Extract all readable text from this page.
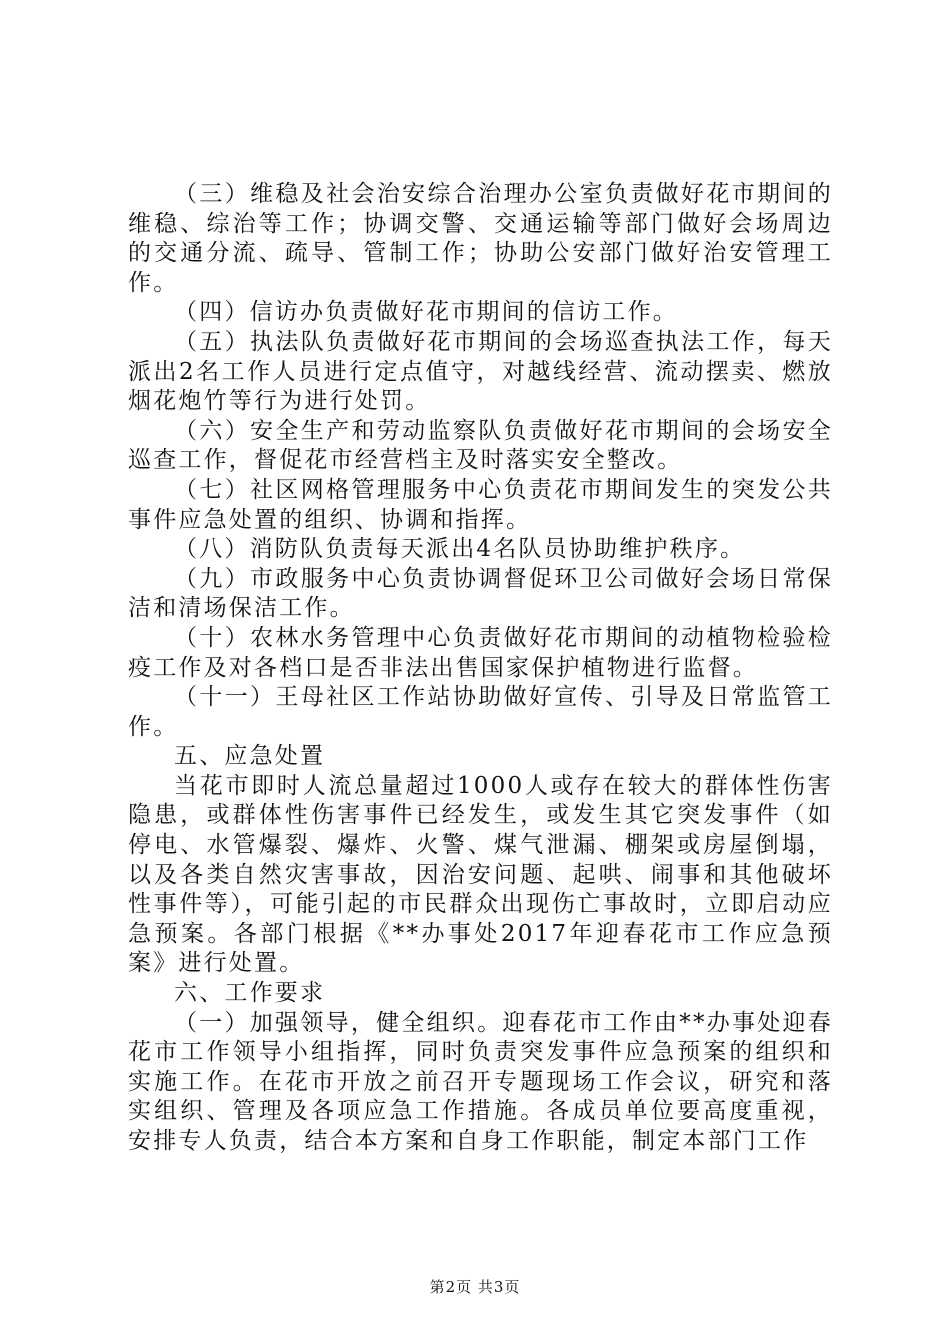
（三）维稳及社会治安综合治理办公室负责做好花市期间的维稳、综治等工作；协调交警、交通运输等部门做好会场周边的交通分流、疏导、管制工作；协助公安部门做好治安管理工作。

（四）信访办负责做好花市期间的信访工作。

（五）执法队负责做好花市期间的会场巡查执法工作，每天派出2名工作人员进行定点值守，对越线经营、流动摆卖、燃放烟花炮竹等行为进行处罚。

（六）安全生产和劳动监察队负责做好花市期间的会场安全巡查工作，督促花市经营档主及时落实安全整改。

（七）社区网格管理服务中心负责花市期间发生的突发公共事件应急处置的组织、协调和指挥。

（八）消防队负责每天派出4名队员协助维护秩序。

（九）市政服务中心负责协调督促环卫公司做好会场日常保洁和清场保洁工作。

（十）农林水务管理中心负责做好花市期间的动植物检验检疫工作及对各档口是否非法出售国家保护植物进行监督。

（十一）王母社区工作站协助做好宣传、引导及日常监管工作。

五、应急处置

当花市即时人流总量超过1000人或存在较大的群体性伤害隐患，或群体性伤害事件已经发生，或发生其它突发事件（如停电、水管爆裂、爆炸、火警、煤气泄漏、棚架或房屋倒塌，以及各类自然灾害事故，因治安问题、起哄、闹事和其他破坏性事件等），可能引起的市民群众出现伤亡事故时，立即启动应急预案。各部门根据《**办事处2017年迎春花市工作应急预案》进行处置。

六、工作要求

（一）加强领导，健全组织。迎春花市工作由**办事处迎春花市工作领导小组指挥，同时负责突发事件应急预案的组织和实施工作。在花市开放之前召开专题现场工作会议，研究和落实组织、管理及各项应急工作措施。各成员单位要高度重视，安排专人负责，结合本方案和自身工作职能，制定本部门工作

第2页 共3页
